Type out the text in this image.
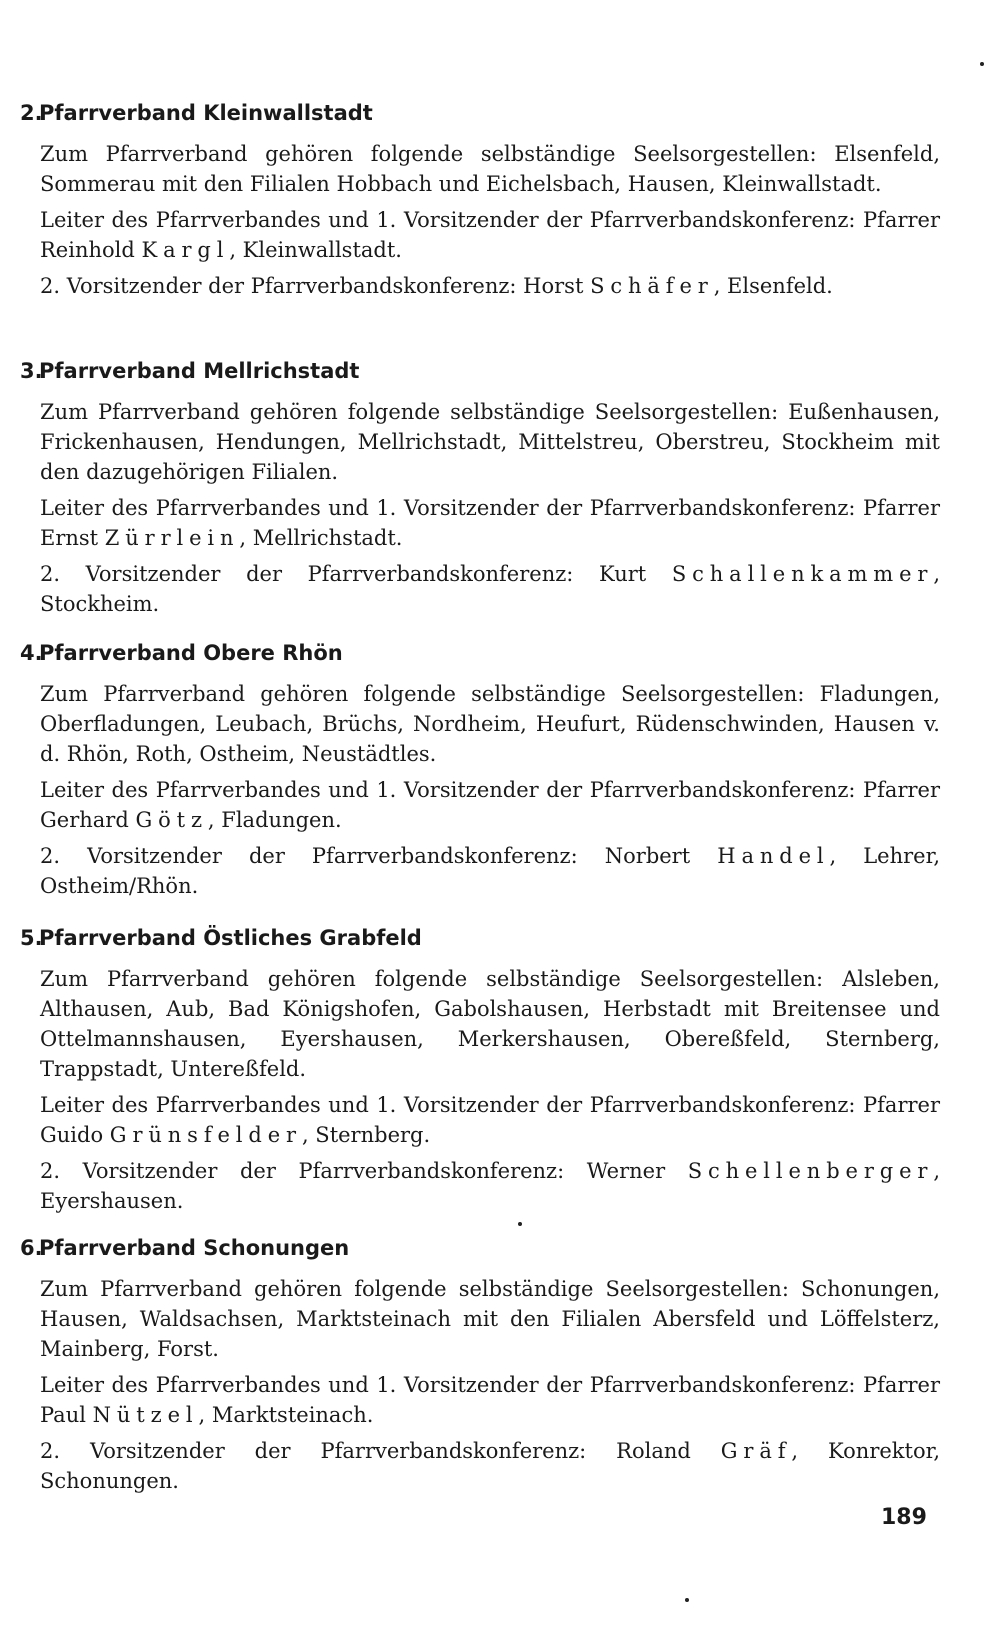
2.Pfarrverband Kleinwallstadt

Zum Pfarrverband gehören folgende selbständige Seelsorgestellen: Elsenfeld, Sommerau mit den Filialen Hobbach und Eichelsbach, Hausen, Kleinwallstadt.

Leiter des Pfarrverbandes und 1. Vorsitzender der Pfarrverbandskonferenz: Pfarrer Reinhold Kargl, Kleinwallstadt.

2. Vorsitzender der Pfarrverbandskonferenz: Horst Schäfer, Elsenfeld.

3.Pfarrverband Mellrichstadt

Zum Pfarrverband gehören folgende selbständige Seelsorgestellen: Eußenhausen, Frickenhausen, Hendungen, Mellrichstadt, Mittelstreu, Oberstreu, Stockheim mit den dazugehörigen Filialen.

Leiter des Pfarrverbandes und 1. Vorsitzender der Pfarrverbandskonferenz: Pfarrer Ernst Zürrlein, Mellrichstadt.

2. Vorsitzender der Pfarrverbandskonferenz: Kurt Schallenkammer, Stockheim.

4.Pfarrverband Obere Rhön

Zum Pfarrverband gehören folgende selbständige Seelsorgestellen: Fladungen, Oberfladungen, Leubach, Brüchs, Nordheim, Heufurt, Rüdenschwinden, Hausen v. d. Rhön, Roth, Ostheim, Neustädtles.

Leiter des Pfarrverbandes und 1. Vorsitzender der Pfarrverbandskonferenz: Pfarrer Gerhard Götz, Fladungen.

2. Vorsitzender der Pfarrverbandskonferenz: Norbert Handel, Lehrer, Ostheim/Rhön.

5.Pfarrverband Östliches Grabfeld

Zum Pfarrverband gehören folgende selbständige Seelsorgestellen: Alsleben, Althausen, Aub, Bad Königshofen, Gabolshausen, Herbstadt mit Breitensee und Ottelmannshausen, Eyershausen, Merkershausen, Obereßfeld, Sternberg, Trappstadt, Untereßfeld.

Leiter des Pfarrverbandes und 1. Vorsitzender der Pfarrverbandskonferenz: Pfarrer Guido Grünsfelder, Sternberg.

2. Vorsitzender der Pfarrverbandskonferenz: Werner Schellenberger, Eyershausen.

6.Pfarrverband Schonungen

Zum Pfarrverband gehören folgende selbständige Seelsorgestellen: Schonungen, Hausen, Waldsachsen, Marktsteinach mit den Filialen Abersfeld und Löffelsterz, Mainberg, Forst.

Leiter des Pfarrverbandes und 1. Vorsitzender der Pfarrverbandskonferenz: Pfarrer Paul Nützel, Marktsteinach.

2. Vorsitzender der Pfarrverbandskonferenz: Roland Gräf, Konrektor, Schonungen.

189
